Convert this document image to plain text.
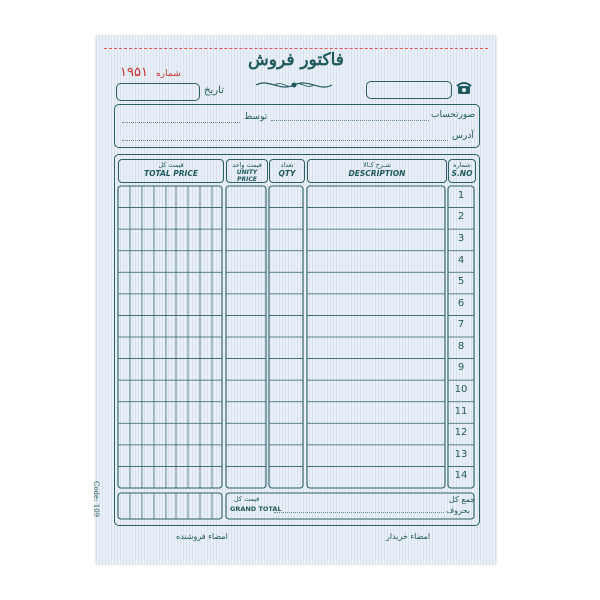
فاکتور فروش
شماره ۱۹۵۱
تاریخ
صورتحساب
توسط
آدرس
قیمت کل
TOTAL PRICE
قیمت واحد
UNITY PRICE
تعداد
QTY
شـرح کـالا
DESCRIPTION
شماره
S.NO
1
2
3
4
5
6
7
8
9
10
11
12
13
14
قیمت کل
GRAND TOTAL
جمع کل
بحروف
Code: 109
امضاء فروشنده	امضاء خریدار
